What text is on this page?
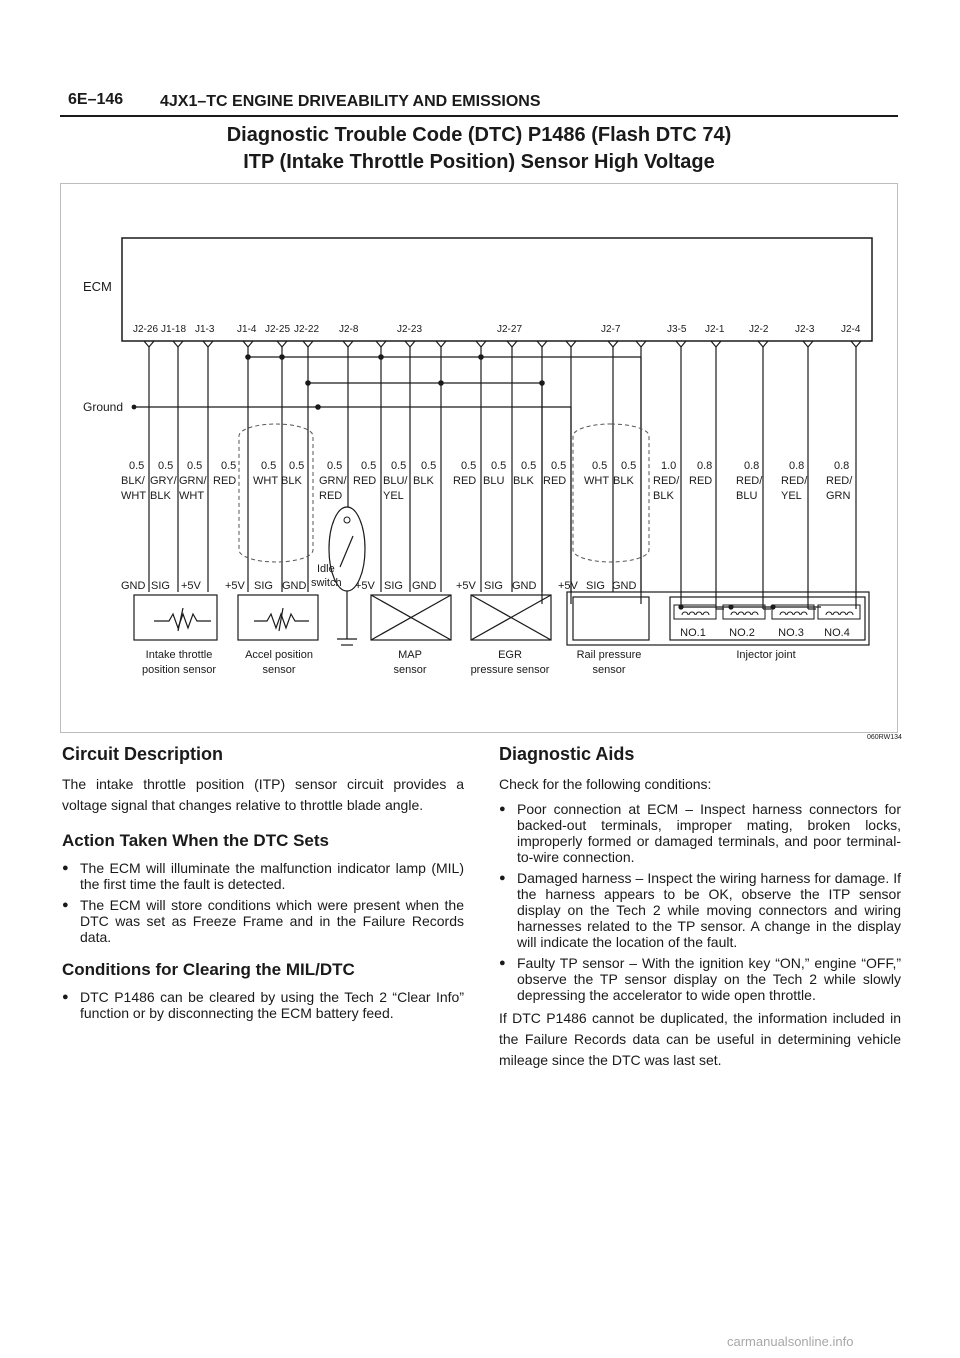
6E–146 4JX1–TC ENGINE DRIVEABILITY AND EMISSIONS
Diagnostic Trouble Code (DTC) P1486 (Flash DTC 74)
ITP (Intake Throttle Position) Sensor High Voltage
ECM
Ground
J2-26 J1-18 J1-3 J1-4 J2-25 J2-22 J2-8	J2-23	J2-27	J2-7	J3-5 J2-1 J2-2	J2-3	J2-4
0.5
BLK/
WHT
0.5
GRY/
BLK
0.5
GRN/
WHT
0.5
RED
0.5
WHT
0.5
BLK
0.5
GRN/
RED
0.5
RED
0.5
BLU/
YEL
0.5
BLK
0.5
RED
0.5
BLU
0.5
BLK
0.5
RED
0.5
WHT
0.5
BLK
1.0
RED/
BLK
0.8
RED
0.8
RED/
BLU
0.8
RED/
YEL
0.8
RED/
GRN
Idle
switch
GND SIG +5V +5V SIG GND	+5V SIG GND +5V SIG GND +5V SIG GND
NO.1 NO.2 NO.3 NO.4
Intake throttle
position sensor
Accel position
sensor
MAP
sensor
EGR
pressure sensor
Rail pressure
sensor
Injector joint
060RW134
Circuit Description

The intake throttle position (ITP) sensor circuit provides a voltage signal that changes relative to throttle blade angle.

Action Taken When the DTC Sets
● The ECM will illuminate the malfunction indicator lamp (MIL) the first time the fault is detected.
● The ECM will store conditions which were present when the DTC was set as Freeze Frame and in the Failure Records data.
Conditions for Clearing the MIL/DTC
● DTC P1486 can be cleared by using the Tech 2 “Clear Info” function or by disconnecting the ECM battery feed.
Diagnostic Aids

Check for the following conditions:

● Poor connection at ECM – Inspect harness connectors for backed-out terminals, improper mating, broken locks, improperly formed or damaged terminals, and poor terminal-to-wire connection.
● Damaged harness – Inspect the wiring harness for damage. If the harness appears to be OK, observe the ITP sensor display on the Tech 2 while moving connectors and wiring harnesses related to the TP sensor. A change in the display will indicate the location of the fault.
● Faulty TP sensor – With the ignition key “ON,” engine “OFF,” observe the TP sensor display on the Tech 2 while slowly depressing the accelerator to wide open throttle.

If DTC P1486 cannot be duplicated, the information included in the Failure Records data can be useful in determining vehicle mileage since the DTC was last set.

carmanualsonline.info
